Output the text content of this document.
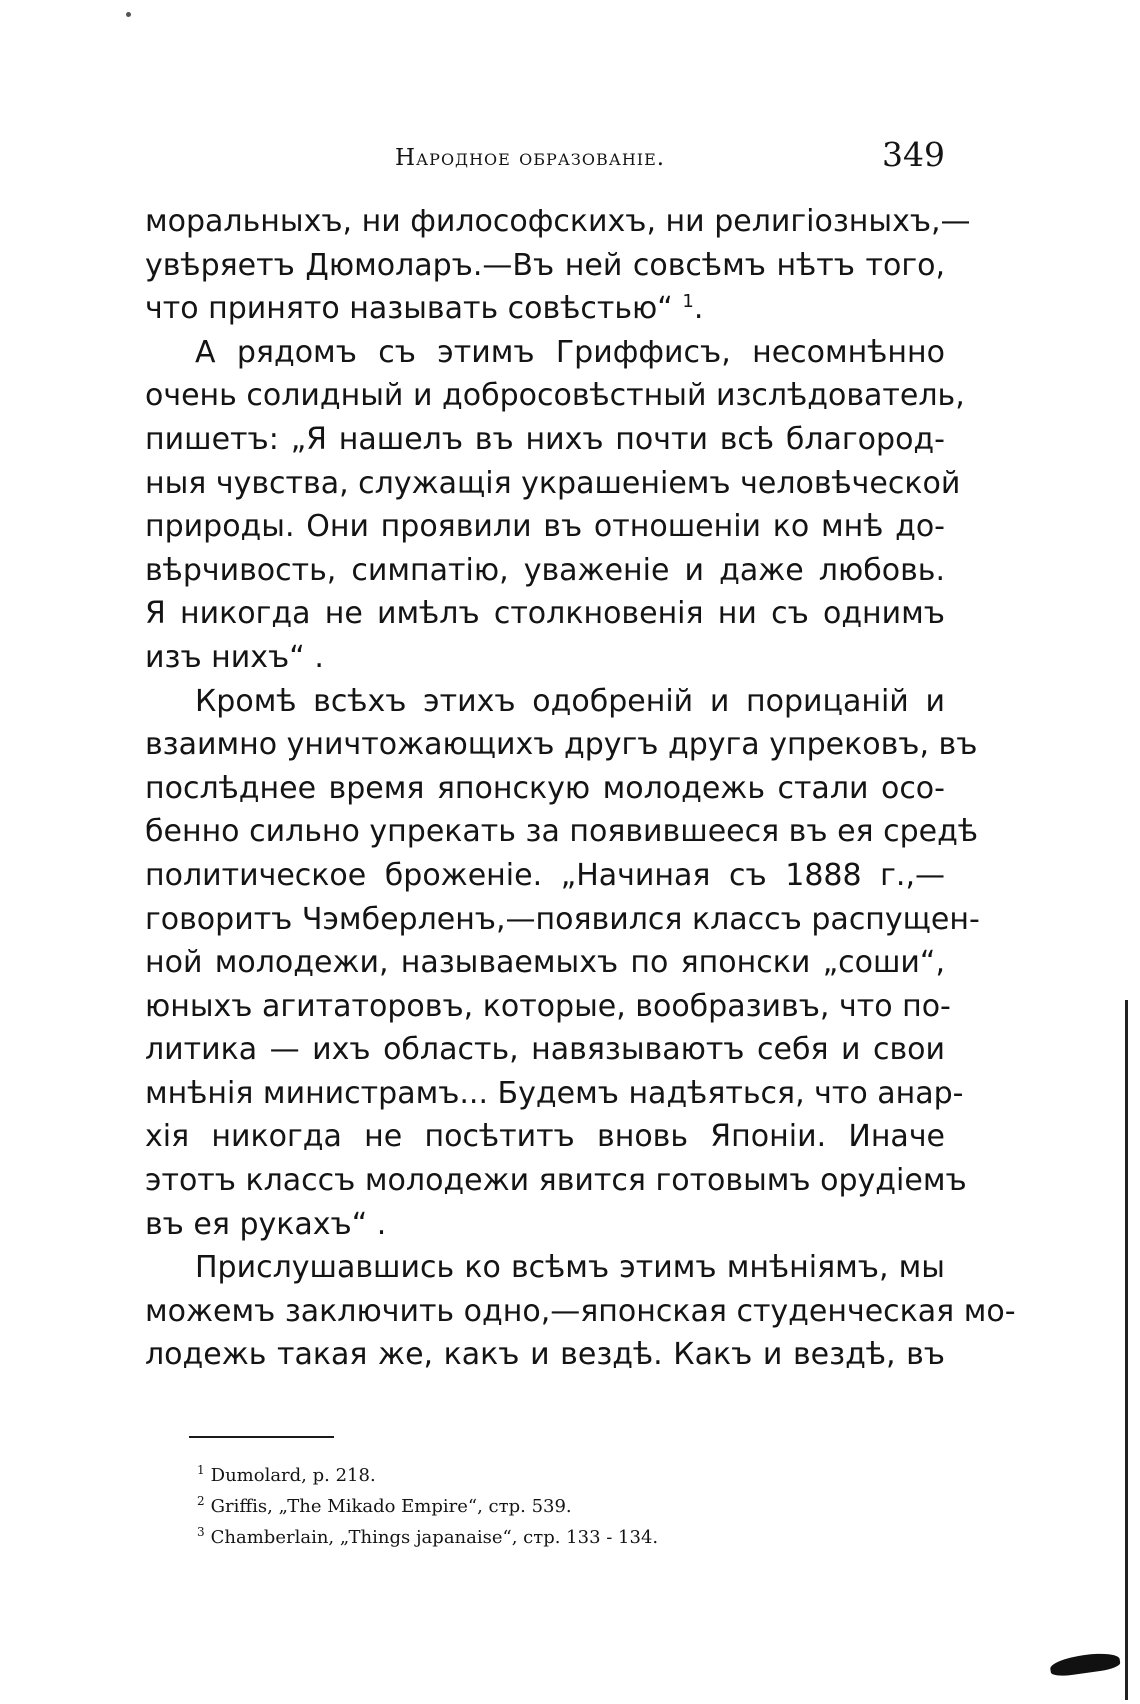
Народное образованіе.	349
моральныхъ, ни философскихъ, ни религіозныхъ,—
увѣряетъ Дюмоларъ.—Въ ней совсѣмъ нѣтъ того,
что принято называть совѣстью“ $^1$.
А рядомъ съ этимъ Гриффисъ, несомнѣнно
очень солидный и добросовѣстный изслѣдователь,
пишетъ: „Я нашелъ въ нихъ почти всѣ благород-
ныя чувства, служащія украшеніемъ человѣческой
природы. Они проявили въ отношеніи ко мнѣ до-
вѣрчивость, симпатію, уваженіе и даже любовь.
Я никогда не имѣлъ столкновенія ни съ однимъ
изъ нихъ“ .
Кромѣ всѣхъ этихъ одобреній и порицаній и
взаимно уничтожающихъ другъ друга упрековъ, въ
послѣднее время японскую молодежь стали осо-
бенно сильно упрекать за появившееся въ ея средѣ
политическое броженіе. „Начиная съ 1888 г.,—
говоритъ Чэмберленъ,—появился классъ распущен-
ной молодежи, называемыхъ по японски „соши“,
юныхъ агитаторовъ, которые, вообразивъ, что по-
литика — ихъ область, навязываютъ себя и свои
мнѣнія министрамъ... Будемъ надѣяться, что анар-
хія никогда не посѣтитъ вновь Японіи. Иначе
этотъ классъ молодежи явится готовымъ орудіемъ
въ ея рукахъ“ .
Прислушавшись ко всѣмъ этимъ мнѣніямъ, мы
можемъ заключить одно,—японская студенческая мо-
лодежь такая же, какъ и вездѣ. Какъ и вездѣ, въ
$^1$ Dumolard, p. 218.
$^2$ Griffis, „The Mikado Empire“, стр. 539.
$^3$ Chamberlain, „Things japanaise“, стр. 133 - 134.
